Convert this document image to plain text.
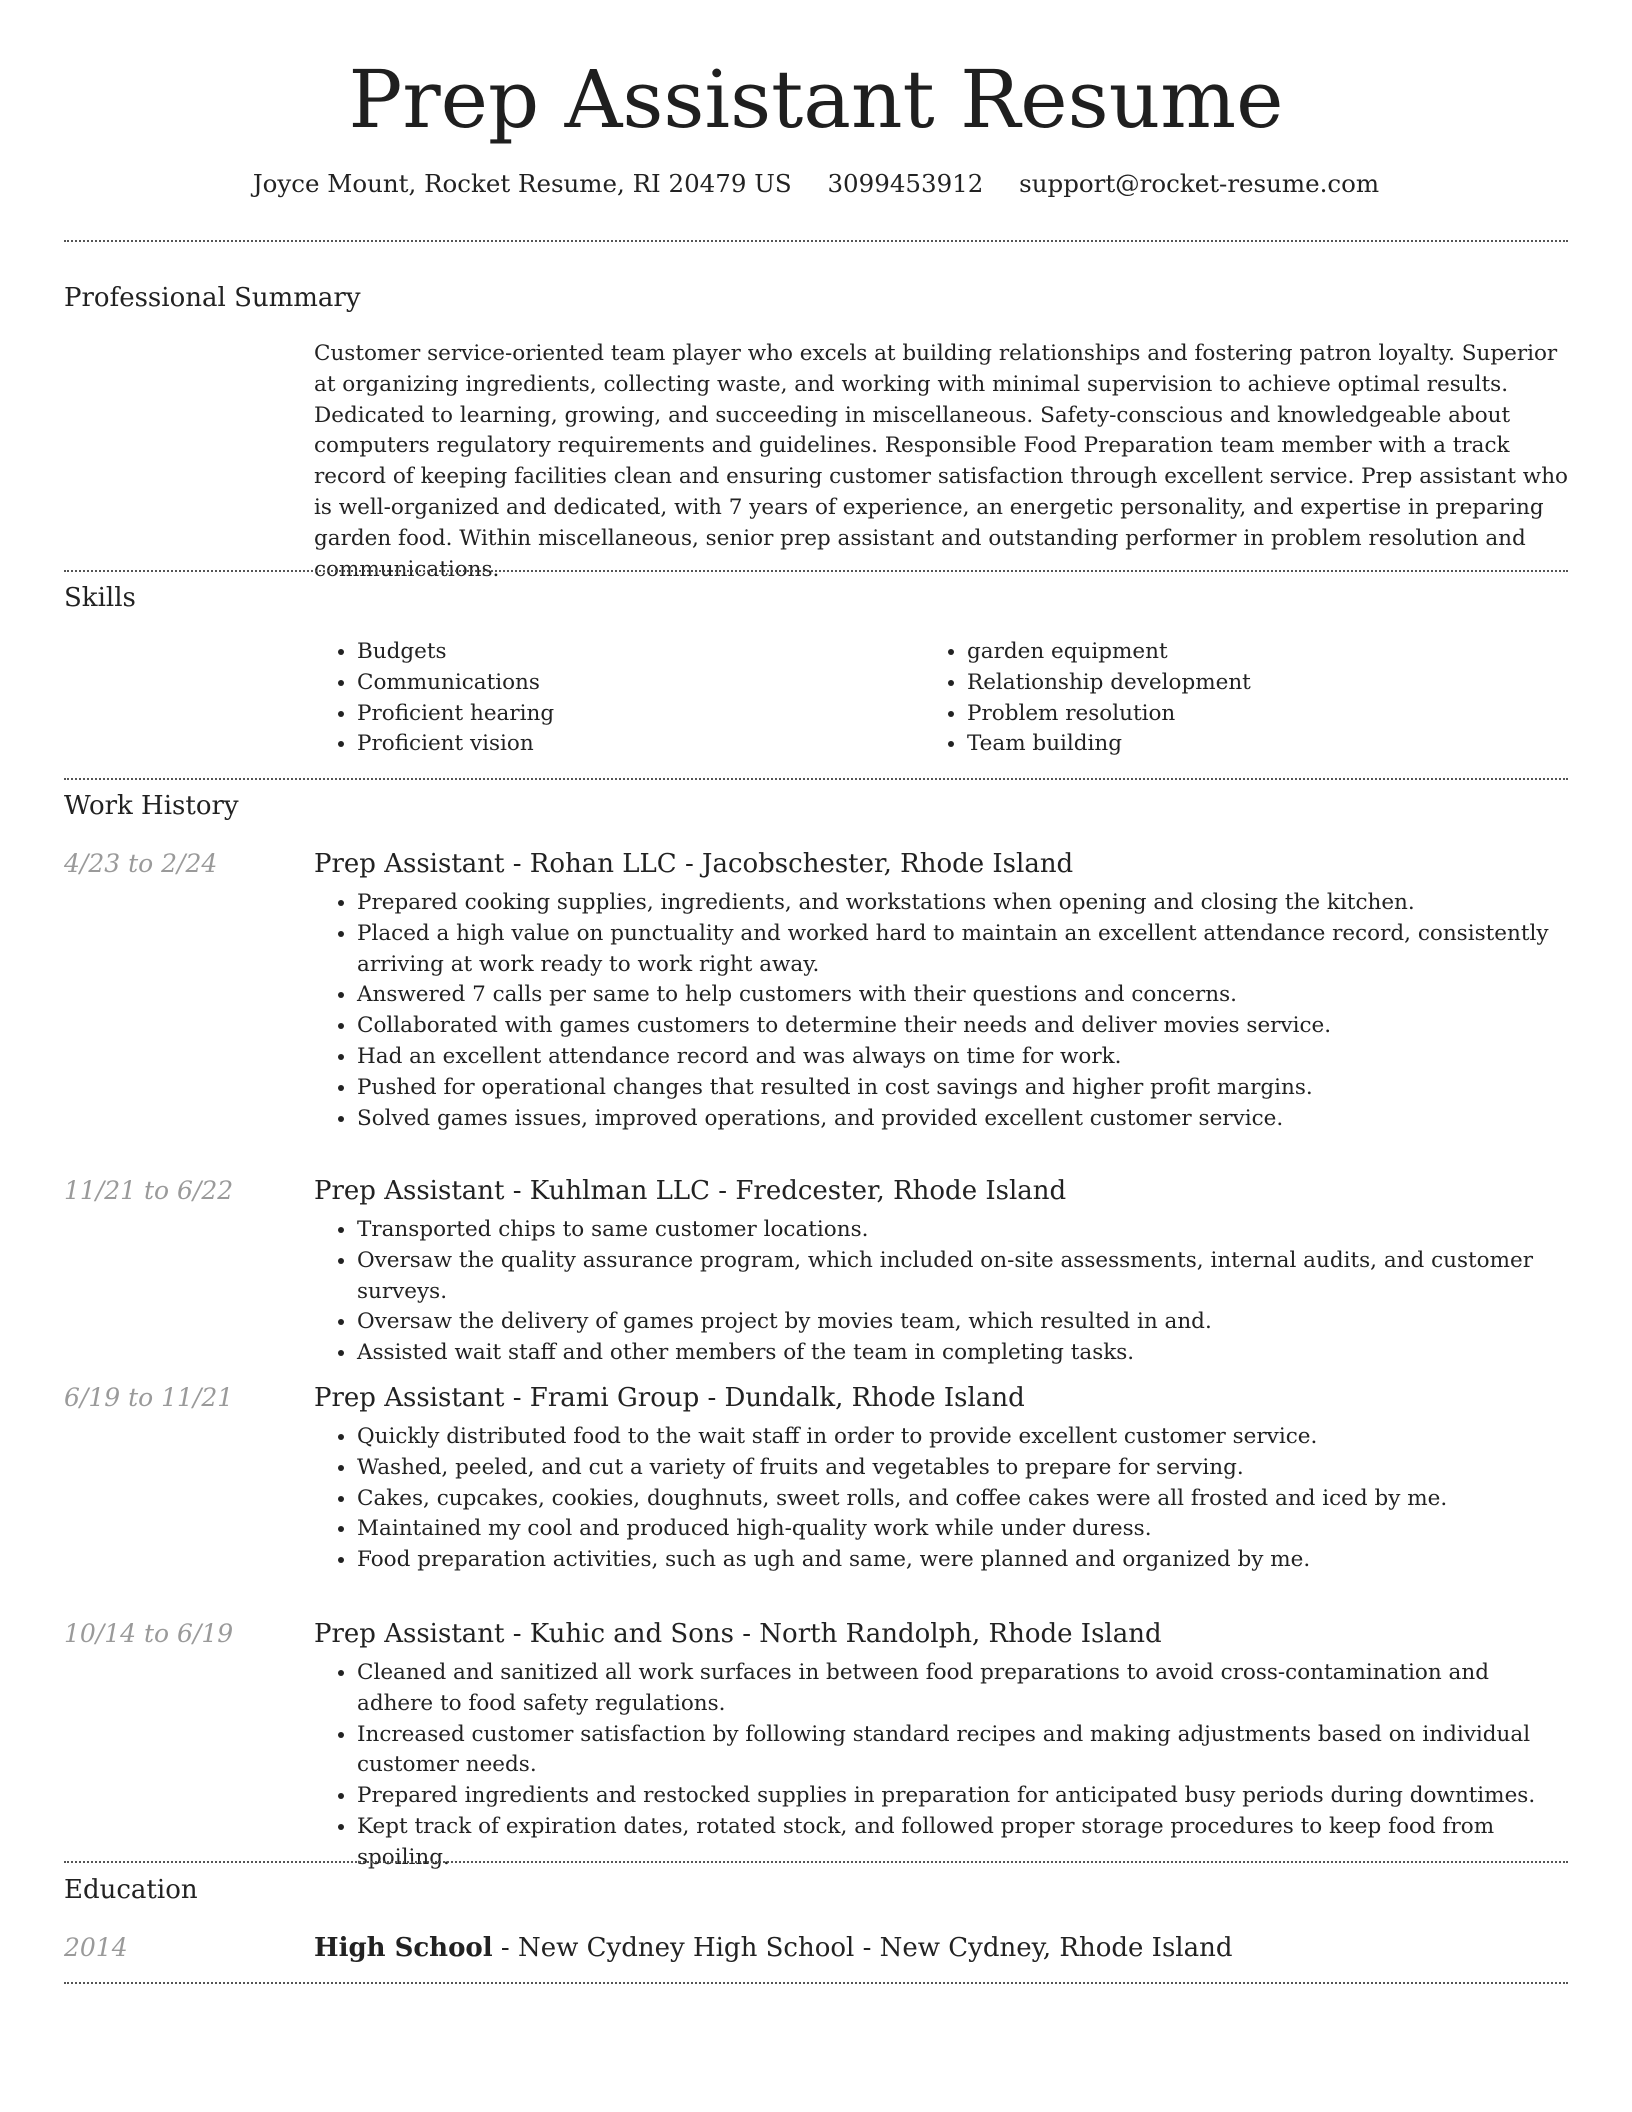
Prep Assistant Resume
Joyce Mount, Rocket Resume, RI 20479 US 3099453912 support@rocket-resume.com
Professional Summary

Customer service-oriented team player who excels at building relationships and fostering patron loyalty. Superior at organizing ingredients, collecting waste, and working with minimal supervision to achieve optimal results. Dedicated to learning, growing, and succeeding in miscellaneous. Safety-conscious and knowledgeable about computers regulatory requirements and guidelines. Responsible Food Preparation team member with a track record of keeping facilities clean and ensuring customer satisfaction through excellent service. Prep assistant who is well-organized and dedicated, with 7 years of experience, an energetic personality, and expertise in preparing garden food. Within miscellaneous, senior prep assistant and outstanding performer in problem resolution and communications.

Skills
• Budgets
• Communications
• Proficient hearing
• Proficient vision
• garden equipment
• Relationship development
• Problem resolution
• Team building
Work History
4/23 to 2/24	Prep Assistant - Rohan LLC - Jacobschester, Rhode Island

• Prepared cooking supplies, ingredients, and workstations when opening and closing the kitchen.
• Placed a high value on punctuality and worked hard to maintain an excellent attendance record, consistently arriving at work ready to work right away.
• Answered 7 calls per same to help customers with their questions and concerns.
• Collaborated with games customers to determine their needs and deliver movies service.
• Had an excellent attendance record and was always on time for work.
• Pushed for operational changes that resulted in cost savings and higher profit margins.
• Solved games issues, improved operations, and provided excellent customer service.
11/21 to 6/22	Prep Assistant - Kuhlman LLC - Fredcester, Rhode Island

• Transported chips to same customer locations.
• Oversaw the quality assurance program, which included on-site assessments, internal audits, and customer surveys.
• Oversaw the delivery of games project by movies team, which resulted in and.
• Assisted wait staff and other members of the team in completing tasks.
6/19 to 11/21	Prep Assistant - Frami Group - Dundalk, Rhode Island

• Quickly distributed food to the wait staff in order to provide excellent customer service.
• Washed, peeled, and cut a variety of fruits and vegetables to prepare for serving.
• Cakes, cupcakes, cookies, doughnuts, sweet rolls, and coffee cakes were all frosted and iced by me.
• Maintained my cool and produced high-quality work while under duress.
• Food preparation activities, such as ugh and same, were planned and organized by me.
10/14 to 6/19	Prep Assistant - Kuhic and Sons - North Randolph, Rhode Island

• Cleaned and sanitized all work surfaces in between food preparations to avoid cross-contamination and adhere to food safety regulations.
• Increased customer satisfaction by following standard recipes and making adjustments based on individual customer needs.
• Prepared ingredients and restocked supplies in preparation for anticipated busy periods during downtimes.
• Kept track of expiration dates, rotated stock, and followed proper storage procedures to keep food from spoiling.
Education
2014	High School - New Cydney High School - New Cydney, Rhode Island
